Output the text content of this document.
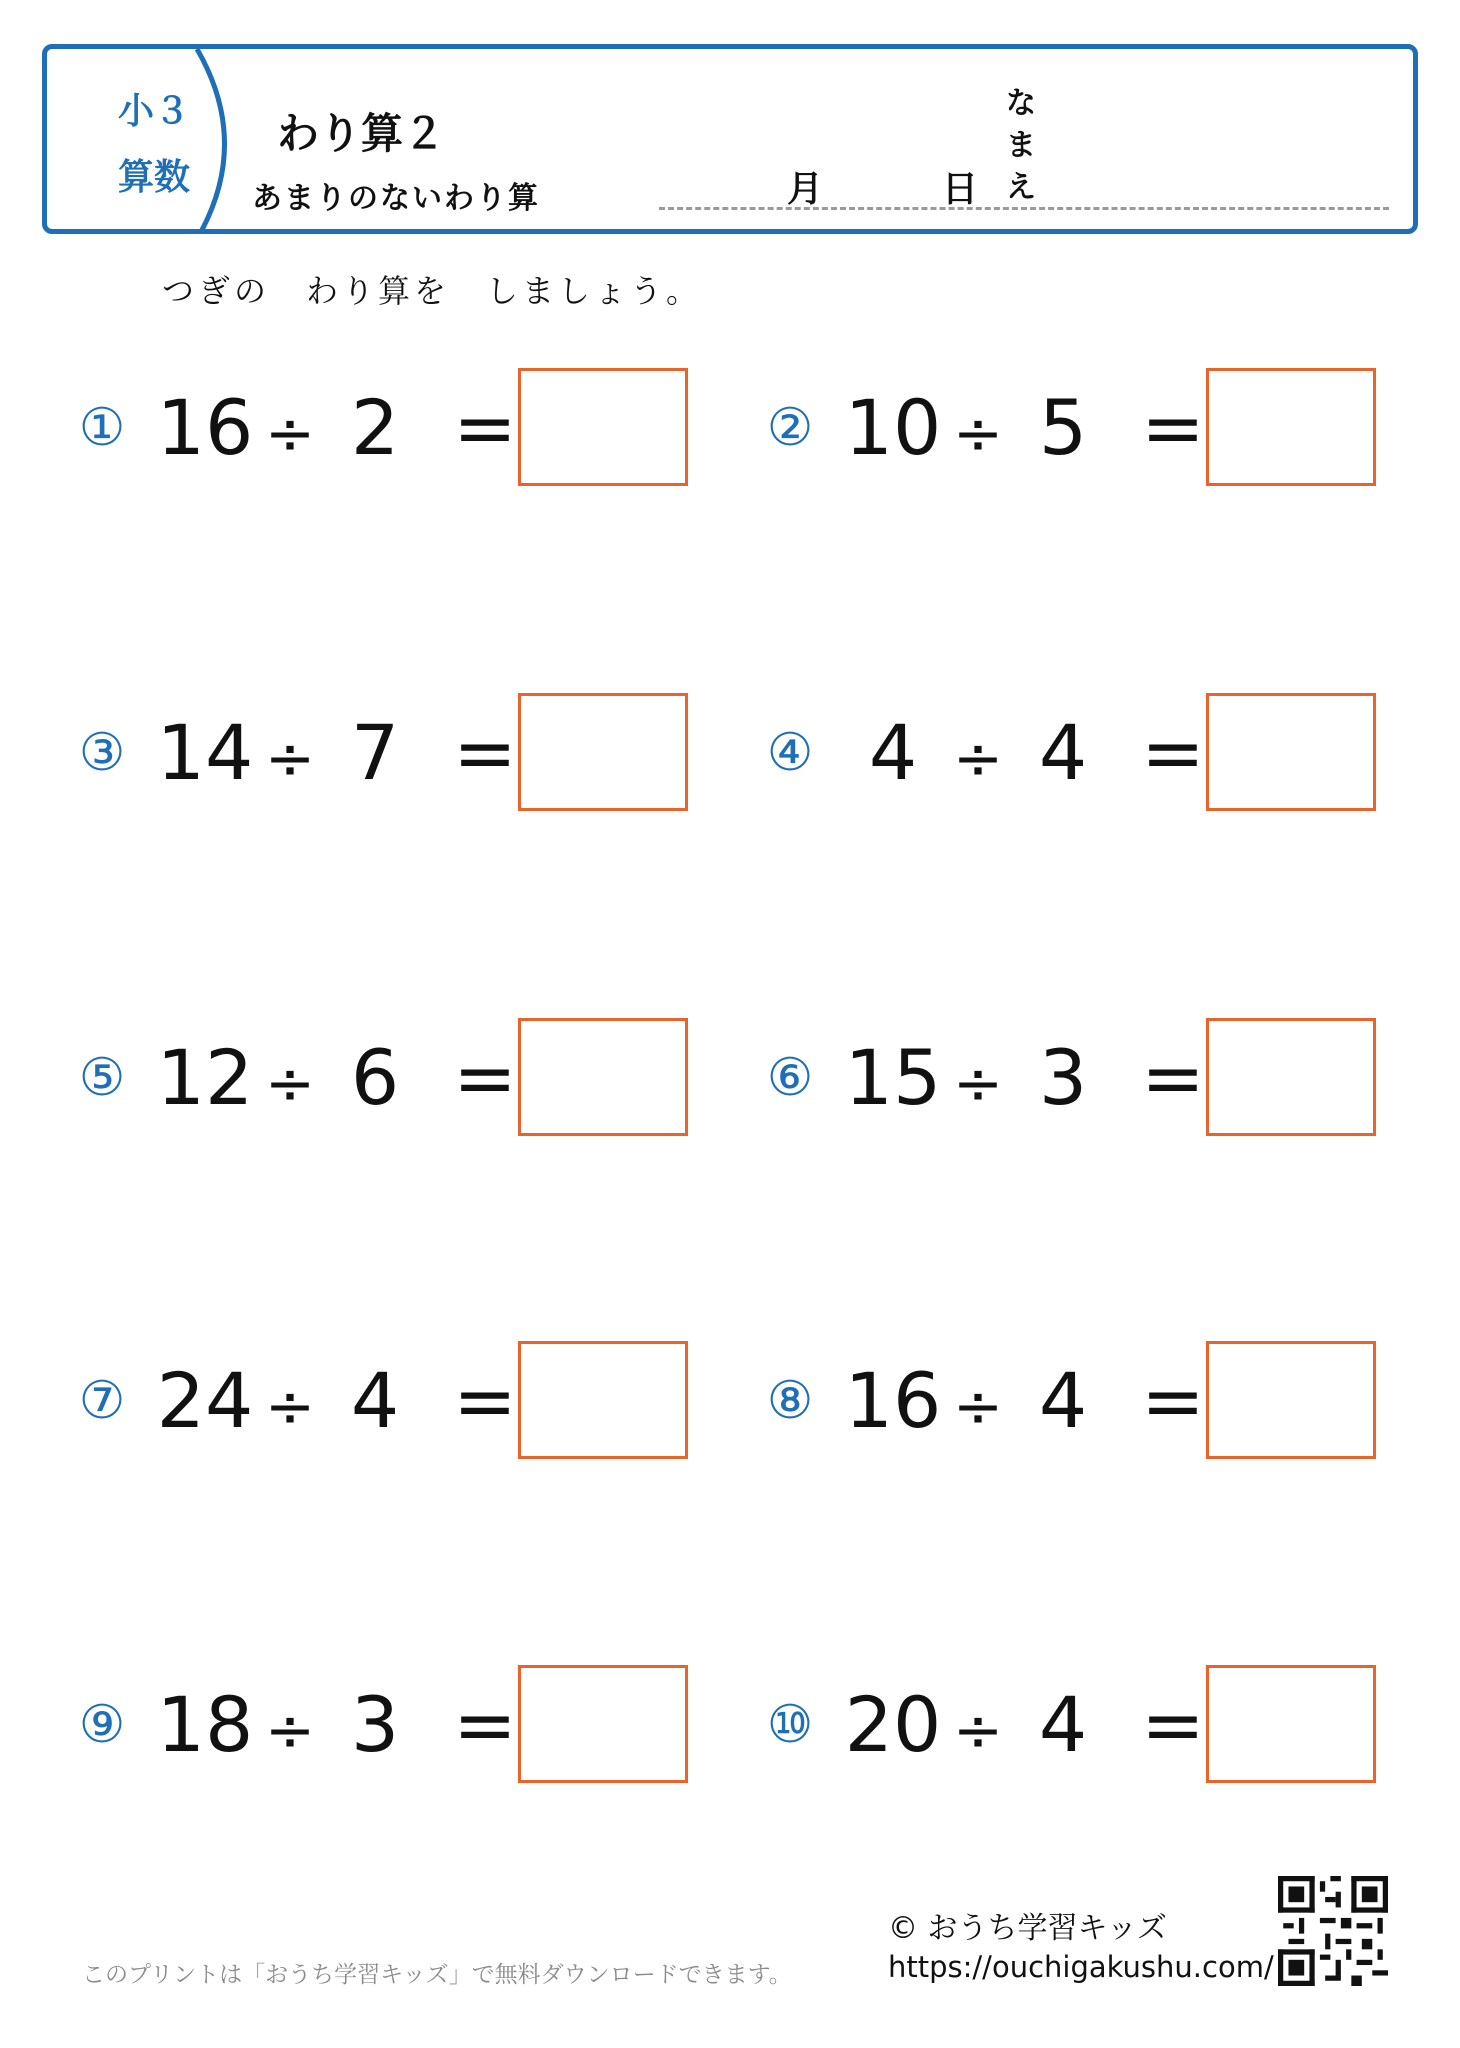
小３
算数
わり算２
あまりのないわり算	月	日
なまえ
つぎの　わり算を　しましょう。
① 16 ÷ 2 =	② 10 ÷ 5 =
③ 14 ÷ 7 =	④ 4 ÷ 4 =
⑤ 12 ÷ 6 =	⑥ 15 ÷ 3 =
⑦ 24 ÷ 4 =	⑧ 16 ÷ 4 =
⑨ 18 ÷ 3 =	⑩ 20 ÷ 4 =
このプリントは「おうち学習キッズ」で無料ダウンロードできます。
© おうち学習キッズ
https://ouchigakushu.com/
